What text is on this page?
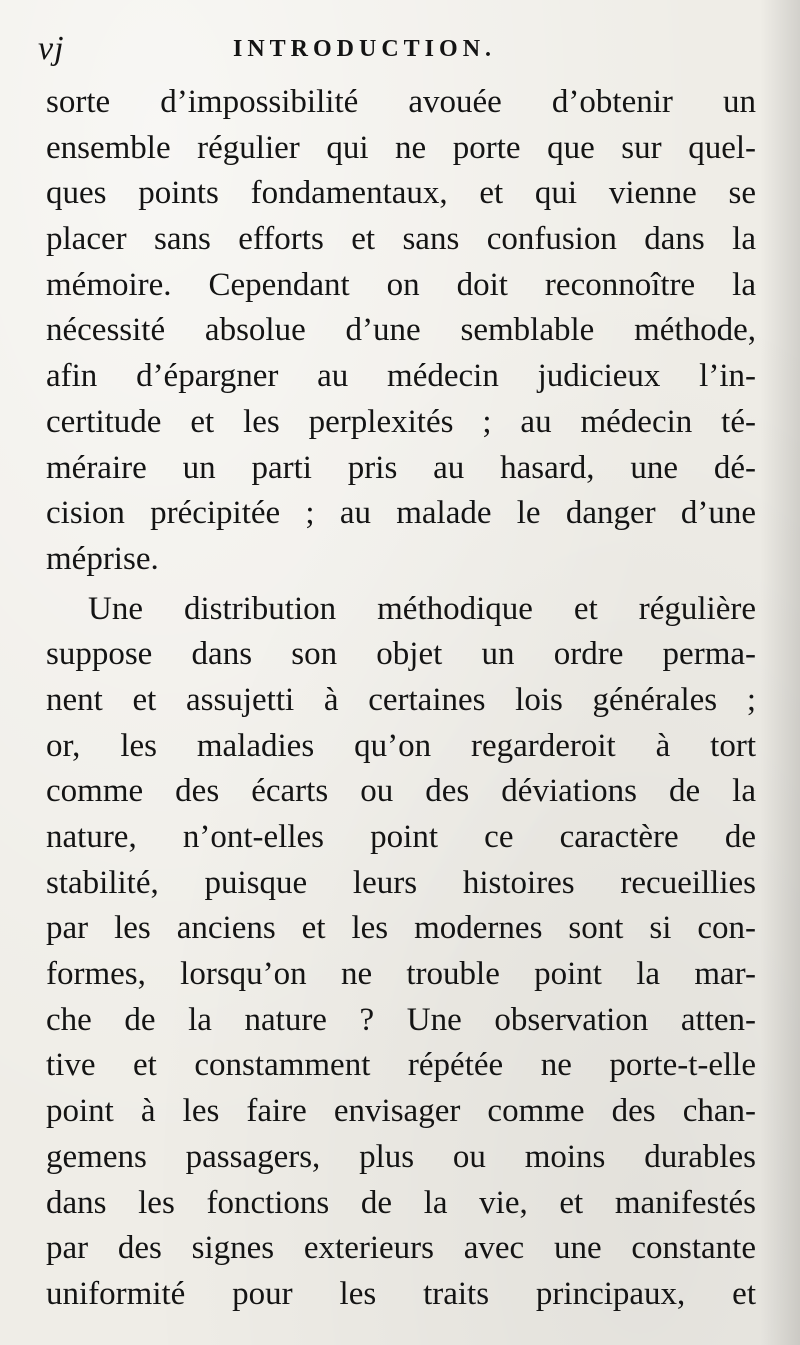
vj	INTRODUCTION.
sorte d’impossibilité avouée d’obtenir un
ensemble régulier qui ne porte que sur quel-
ques points fondamentaux, et qui vienne se
placer sans efforts et sans confusion dans la
mémoire. Cependant on doit reconnoître la
nécessité absolue d’une semblable méthode,
afin d’épargner au médecin judicieux l’in-
certitude et les perplexités ; au médecin té-
méraire un parti pris au hasard, une dé-
cision précipitée ; au malade le danger d’une
méprise.
Une distribution méthodique et régulière
suppose dans son objet un ordre perma-
nent et assujetti à certaines lois générales ;
or, les maladies qu’on regarderoit à tort
comme des écarts ou des déviations de la
nature, n’ont-elles point ce caractère de
stabilité, puisque leurs histoires recueillies
par les anciens et les modernes sont si con-
formes, lorsqu’on ne trouble point la mar-
che de la nature ? Une observation atten-
tive et constamment répétée ne porte-t-elle
point à les faire envisager comme des chan-
gemens passagers, plus ou moins durables
dans les fonctions de la vie, et manifestés
par des signes exterieurs avec une constante
uniformité pour les traits principaux, et
